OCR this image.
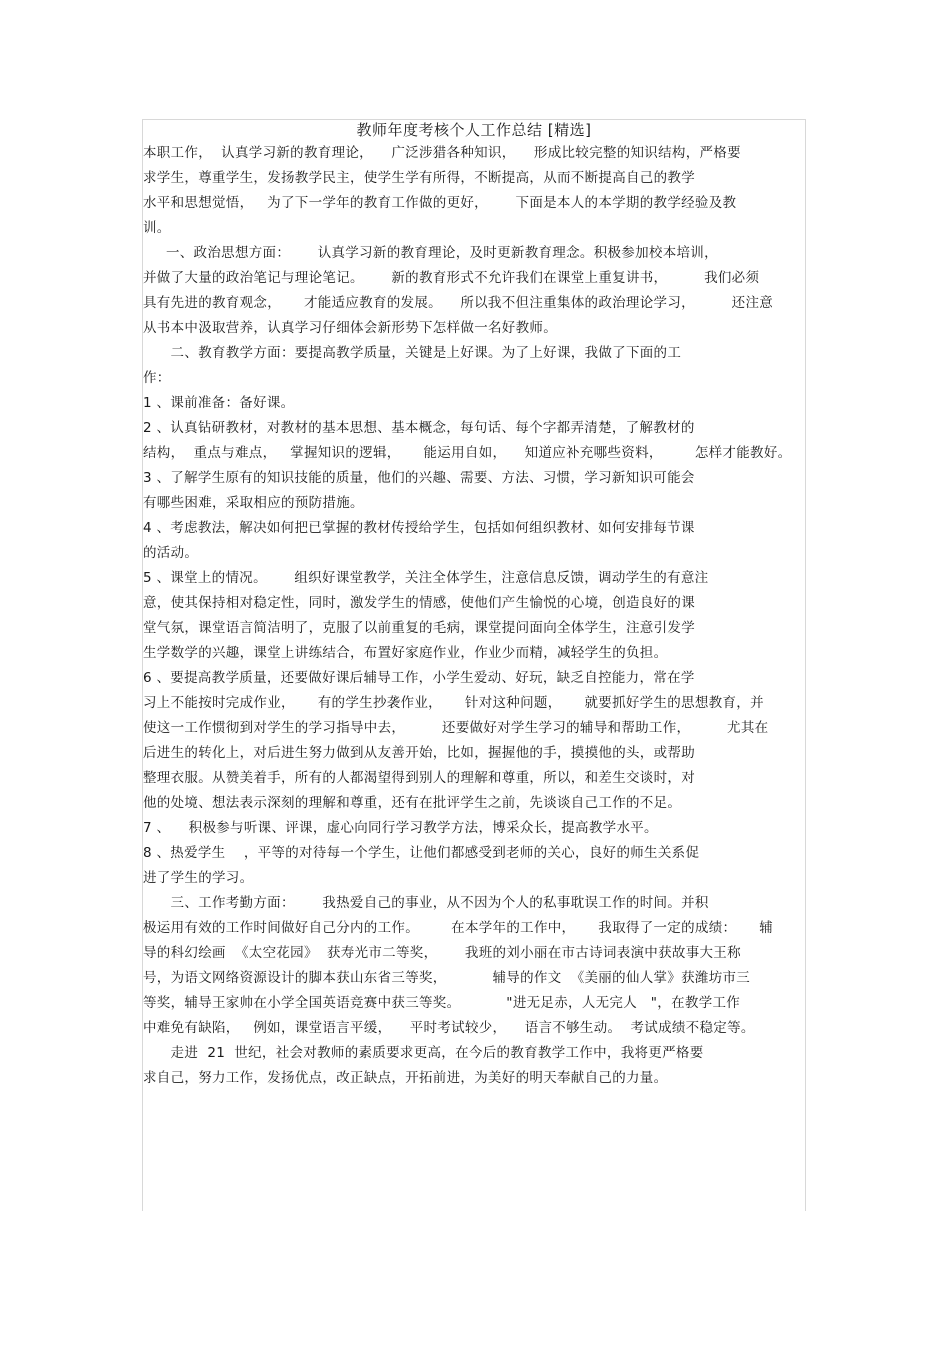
教师年度考核个人工作总结 [精选]
本职工作，  认真学习新的教育理论，    广泛涉猎各种知识，    形成比较完整的知识结构，严格要
求学生，尊重学生，发扬教学民主，使学生学有所得，不断提高，从而不断提高自己的教学
水平和思想觉悟，   为了下一学年的教育工作做的更好，      下面是本人的本学期的教学经验及教
训。
一、政治思想方面：      认真学习新的教育理论，及时更新教育理念。积极参加校本培训，
并做了大量的政治笔记与理论笔记。      新的教育形式不允许我们在课堂上重复讲书，        我们必须
具有先进的教育观念，     才能适应教育的发展。    所以我不但注重集体的政治理论学习，        还注意
从书本中汲取营养，认真学习仔细体会新形势下怎样做一名好教师。
二、教育教学方面：要提高教学质量，关键是上好课。为了上好课，我做了下面的工
作：
1 、课前准备：备好课。
2 、认真钻研教材，对教材的基本思想、基本概念，每句话、每个字都弄清楚，了解教材的
结构，  重点与难点，   掌握知识的逻辑，     能运用自如，    知道应补充哪些资料，       怎样才能教好。
3 、了解学生原有的知识技能的质量，他们的兴趣、需要、方法、习惯，学习新知识可能会
有哪些困难，采取相应的预防措施。
4 、考虑教法，解决如何把已掌握的教材传授给学生，包括如何组织教材、如何安排每节课
的活动。
5 、课堂上的情况。      组织好课堂教学，关注全体学生，注意信息反馈，调动学生的有意注
意，使其保持相对稳定性，同时，激发学生的情感，使他们产生愉悦的心境，创造良好的课
堂气氛，课堂语言简洁明了，克服了以前重复的毛病，课堂提问面向全体学生，注意引发学
生学数学的兴趣，课堂上讲练结合，布置好家庭作业，作业少而精，减轻学生的负担。
6 、要提高教学质量，还要做好课后辅导工作，小学生爱动、好玩，缺乏自控能力，常在学
习上不能按时完成作业，     有的学生抄袭作业，     针对这种问题，     就要抓好学生的思想教育，并
使这一工作惯彻到对学生的学习指导中去，        还要做好对学生学习的辅导和帮助工作，        尤其在
后进生的转化上，对后进生努力做到从友善开始，比如，握握他的手，摸摸他的头，或帮助
整理衣服。从赞美着手，所有的人都渴望得到别人的理解和尊重，所以，和差生交谈时，对
他的处境、想法表示深刻的理解和尊重，还有在批评学生之前，先谈谈自己工作的不足。
7 、    积极参与听课、评课，虚心向同行学习教学方法，博采众长，提高教学水平。
8 、热爱学生    ，平等的对待每一个学生，让他们都感受到老师的关心，良好的师生关系促
进了学生的学习。
三、工作考勤方面：      我热爱自己的事业，从不因为个人的私事耽误工作的时间。并积
极运用有效的工作时间做好自己分内的工作。       在本学年的工作中，     我取得了一定的成绩：     辅
导的科幻绘画  《太空花园》  获寿光市二等奖，      我班的刘小丽在市古诗词表演中获故事大王称
号，为语文网络资源设计的脚本获山东省三等奖，          辅导的作文  《美丽的仙人掌》获潍坊市三
等奖，辅导王家帅在小学全国英语竞赛中获三等奖。          "进无足赤，人无完人   "，在教学工作
中难免有缺陷，   例如，课堂语言平缓，    平时考试较少，    语言不够生动。  考试成绩不稳定等。
走进  21  世纪，社会对教师的素质要求更高，在今后的教育教学工作中，我将更严格要
求自己，努力工作，发扬优点，改正缺点，开拓前进，为美好的明天奉献自己的力量。
